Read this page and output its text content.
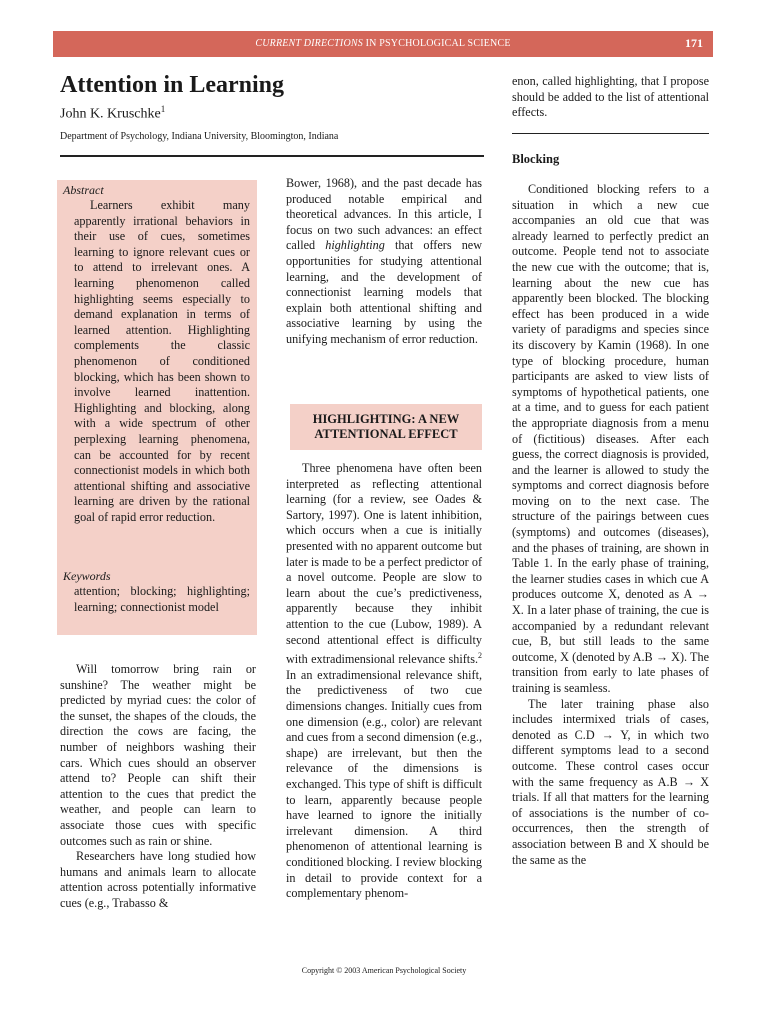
CURRENT DIRECTIONS IN PSYCHOLOGICAL SCIENCE	171
Attention in Learning
John K. Kruschke$^1$
Department of Psychology, Indiana University, Bloomington, Indiana
Abstract
Learners exhibit many apparently irrational behaviors in their use of cues, sometimes learning to ignore relevant cues or to attend to irrelevant ones. A learning phenomenon called highlighting seems especially to demand explanation in terms of learned attention. Highlighting complements the classic phenomenon of conditioned blocking, which has been shown to involve learned inattention. Highlighting and blocking, along with a wide spectrum of other perplexing learning phenomena, can be accounted for by recent connectionist models in which both attentional shifting and associative learning are driven by the rational goal of rapid error reduction.
Keywords
attention; blocking; highlighting; learning; connectionist model

Will tomorrow bring rain or sunshine? The weather might be predicted by myriad cues: the color of the sunset, the shapes of the clouds, the direction the cows are facing, the number of neighbors washing their cars. Which cues should an observer attend to? People can shift their attention to the cues that predict the weather, and people can learn to associate those cues with specific outcomes such as rain or shine.

Researchers have long studied how humans and animals learn to allocate attention across potentially informative cues (e.g., Trabasso &

Bower, 1968), and the past decade has produced notable empirical and theoretical advances. In this article, I focus on two such advances: an effect called highlighting that offers new opportunities for studying attentional learning, and the development of connectionist learning models that explain both attentional shifting and associative learning by using the unifying mechanism of error reduction.

HIGHLIGHTING: A NEW ATTENTIONAL EFFECT

Three phenomena have often been interpreted as reflecting attentional learning (for a review, see Oades & Sartory, 1997). One is latent inhibition, which occurs when a cue is initially presented with no apparent outcome but later is made to be a perfect predictor of a novel outcome. People are slow to learn about the cue’s predictiveness, apparently because they inhibit attention to the cue (Lubow, 1989). A second attentional effect is difficulty with extradimensional relevance shifts.$^2$ In an extradimensional relevance shift, the predictiveness of two cue dimensions changes. Initially cues from one dimension (e.g., color) are relevant and cues from a second dimension (e.g., shape) are irrelevant, but then the relevance of the dimensions is exchanged. This type of shift is difficult to learn, apparently because people have learned to ignore the initially irrelevant dimension. A third phenomenon of attentional learning is conditioned blocking. I review blocking in detail to provide context for a complementary phenom-

enon, called highlighting, that I propose should be added to the list of attentional effects.

Blocking

Conditioned blocking refers to a situation in which a new cue accompanies an old cue that was already learned to perfectly predict an outcome. People tend not to associate the new cue with the outcome; that is, learning about the new cue has apparently been blocked. The blocking effect has been produced in a wide variety of paradigms and species since its discovery by Kamin (1968). In one type of blocking procedure, human participants are asked to view lists of symptoms of hypothetical patients, one at a time, and to guess for each patient the appropriate diagnosis from a menu of (fictitious) diseases. After each guess, the correct diagnosis is provided, and the learner is allowed to study the symptoms and correct diagnosis before moving on to the next case. The structure of the pairings between cues (symptoms) and outcomes (diseases), and the phases of training, are shown in Table 1. In the early phase of training, the learner studies cases in which cue A produces outcome X, denoted as A → X. In a later phase of training, the cue is accompanied by a redundant relevant cue, B, but still leads to the same outcome, X (denoted by A.B → X). The transition from early to late phases of training is seamless.

The later training phase also includes intermixed trials of cases, denoted as C.D → Y, in which two different symptoms lead to a second outcome. These control cases occur with the same frequency as A.B → X trials. If all that matters for the learning of associations is the number of co-occurrences, then the strength of association between B and X should be the same as the

Copyright © 2003 American Psychological Society
